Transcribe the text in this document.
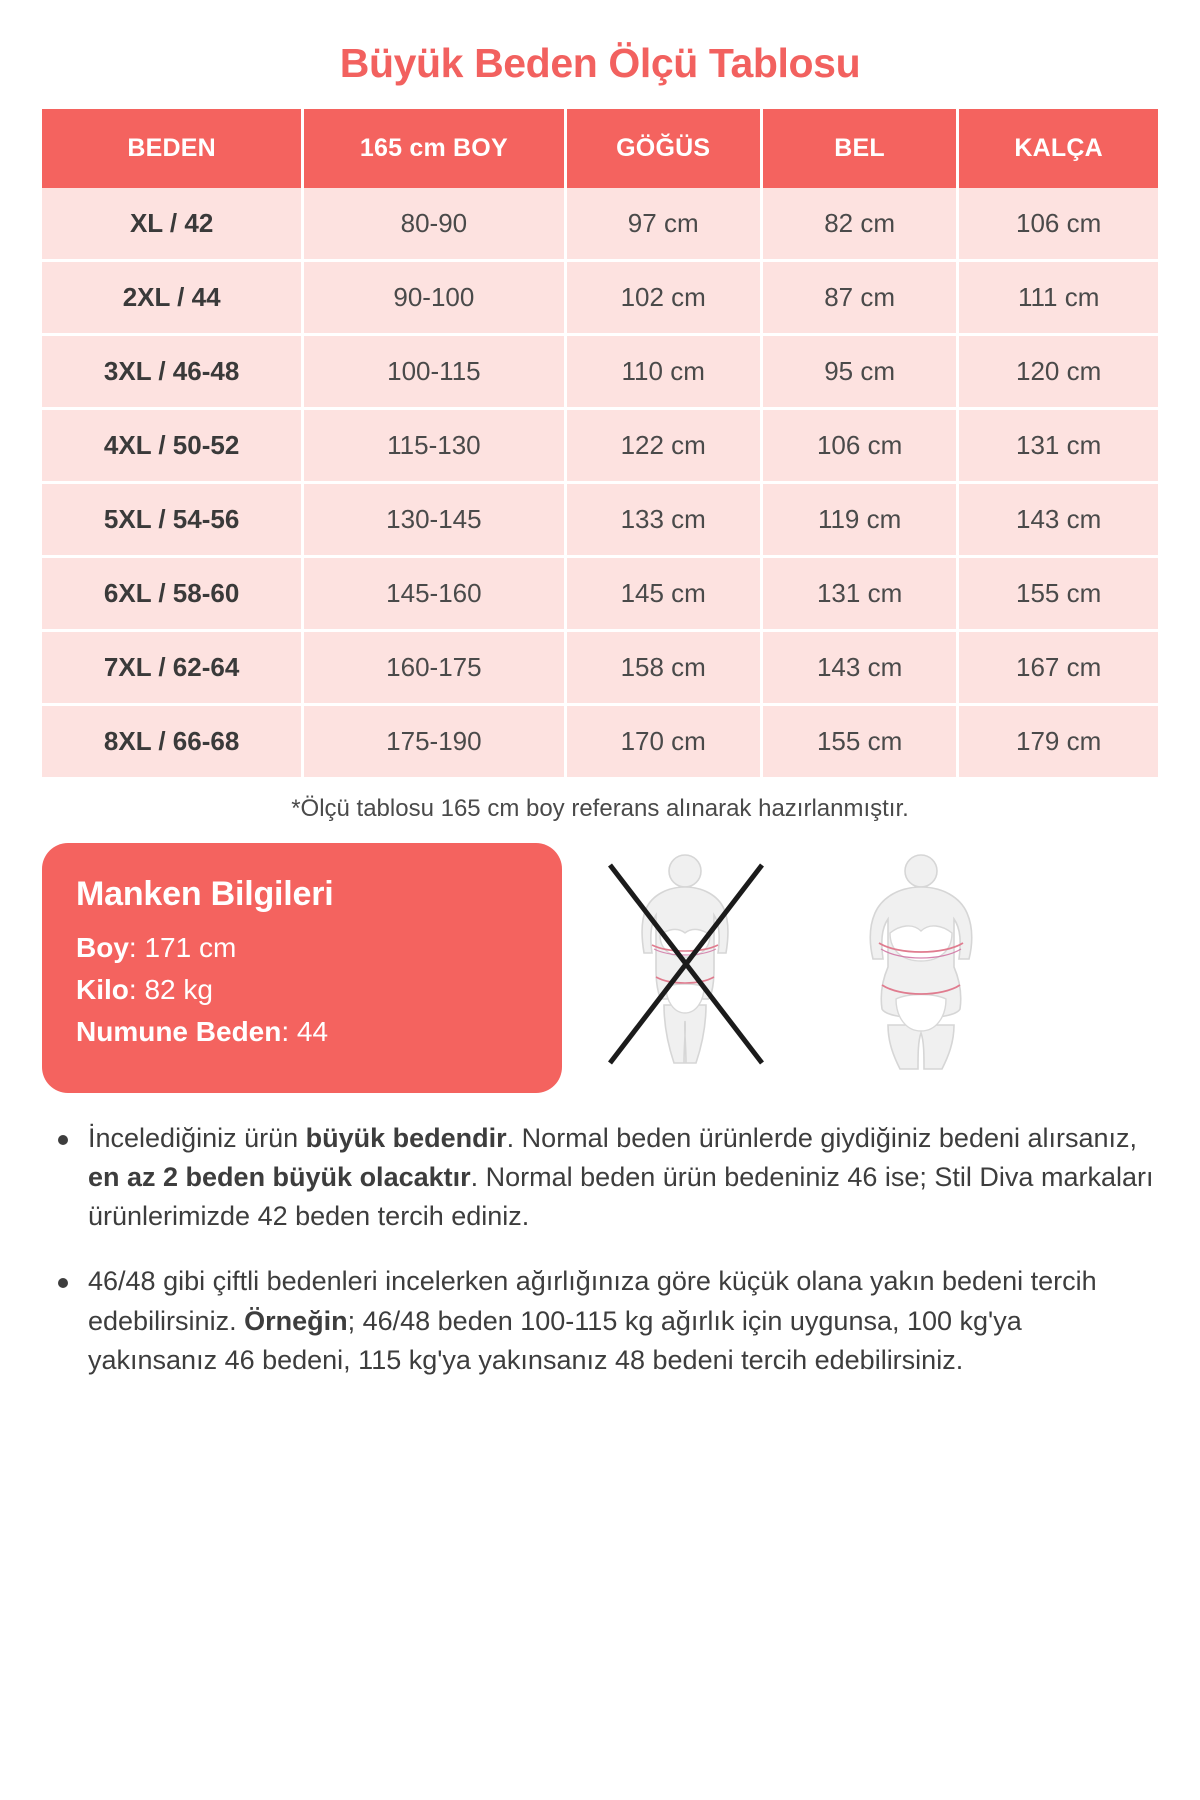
Büyük Beden Ölçü Tablosu
BEDEN	165 cm BOY	GÖĞÜS	BEL	KALÇA
XL / 42	80-90	97 cm	82 cm	106 cm
2XL / 44	90-100	102 cm	87 cm	111 cm
3XL / 46-48	100-115	110 cm	95 cm	120 cm
4XL / 50-52	115-130	122 cm	106 cm	131 cm
5XL / 54-56	130-145	133 cm	119 cm	143 cm
6XL / 58-60	145-160	145 cm	131 cm	155 cm
7XL / 62-64	160-175	158 cm	143 cm	167 cm
8XL / 66-68	175-190	170 cm	155 cm	179 cm
*Ölçü tablosu 165 cm boy referans alınarak hazırlanmıştır.
Manken Bilgileri
Boy: 171 cm
Kilo: 82 kg
Numune Beden: 44
İncelediğiniz ürün büyük bedendir. Normal beden ürünlerde giydiğiniz bedeni alırsanız, en az 2 beden büyük olacaktır. Normal beden ürün bedeniniz 46 ise; Stil Diva markaları ürünlerimizde 42 beden tercih ediniz.
46/48 gibi çiftli bedenleri incelerken ağırlığınıza göre küçük olana yakın bedeni tercih edebilirsiniz. Örneğin; 46/48 beden 100-115 kg ağırlık için uygunsa, 100 kg'ya yakınsanız 46 bedeni, 115 kg'ya yakınsanız 48 bedeni tercih edebilirsiniz.
